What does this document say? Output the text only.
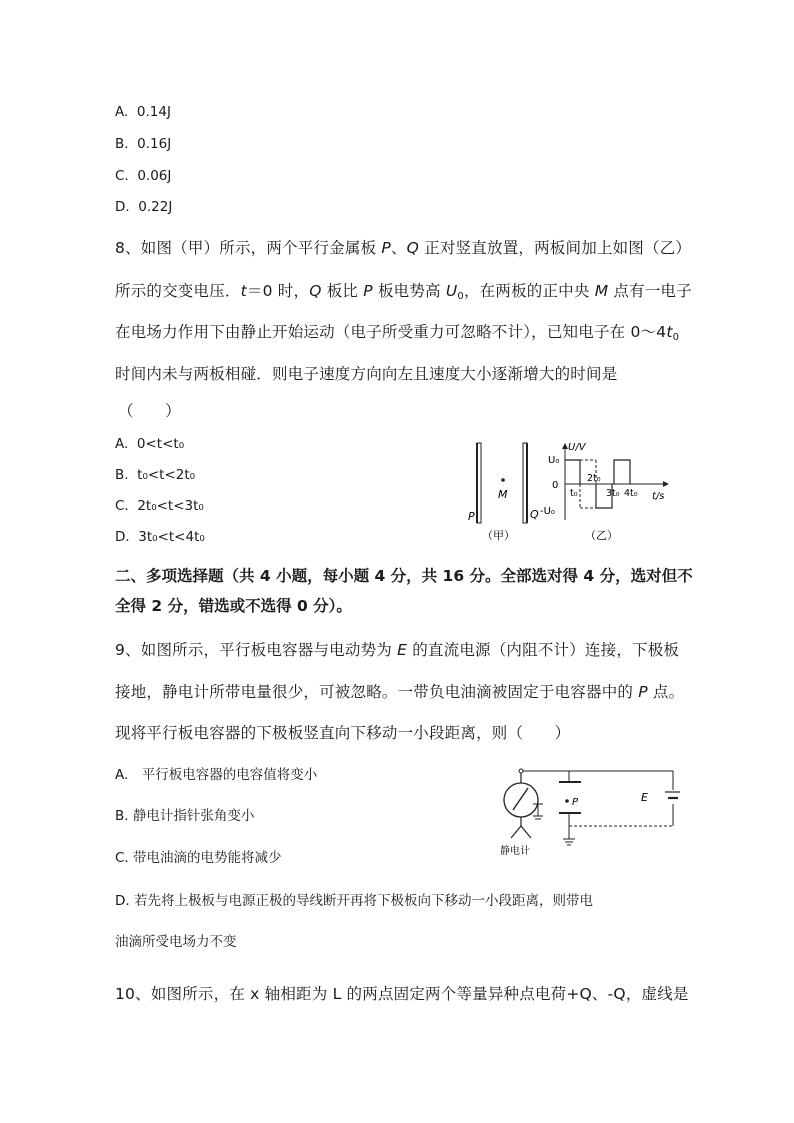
A. 0.14J
B. 0.16J
C. 0.06J
D. 0.22J
8、如图（甲）所示，两个平行金属板 P、Q 正对竖直放置，两板间加上如图（乙）
所示的交变电压．t＝0 时，Q 板比 P 板电势高 $U_0$，在两板的正中央 M 点有一电子
在电场力作用下由静止开始运动（电子所受重力可忽略不计），已知电子在 $0\sim 4t_0$
时间内未与两板相碰．则电子速度方向向左且速度大小逐渐增大的时间是
（　　）
A. 0<t<t₀
B. t₀<t<2t₀
C. 2t₀<t<3t₀
D. 3t₀<t<4t₀
M
P	Q
（甲）
U/V
t/s
U₀
0
-U₀
t₀
2t₀
3t₀ 4t₀
（乙）
二、多项选择题（共 4 小题，每小题 4 分，共 16 分。全部选对得 4 分，选对但不
全得 2 分，错选或不选得 0 分）。
9、如图所示，平行板电容器与电动势为 E 的直流电源（内阻不计）连接，下极板
接地，静电计所带电量很少，可被忽略。一带负电油滴被固定于电容器中的 P 点。
现将平行板电容器的下极板竖直向下移动一小段距离，则（　　）
A.　平行板电容器的电容值将变小
B. 静电计指针张角变小
C. 带电油滴的电势能将减少
D. 若先将上极板与电源正极的导线断开再将下极板向下移动一小段距离，则带电
油滴所受电场力不变
静电计
P	E
10、如图所示，在 x 轴相距为 L 的两点固定两个等量异种点电荷+Q、-Q，虚线是
